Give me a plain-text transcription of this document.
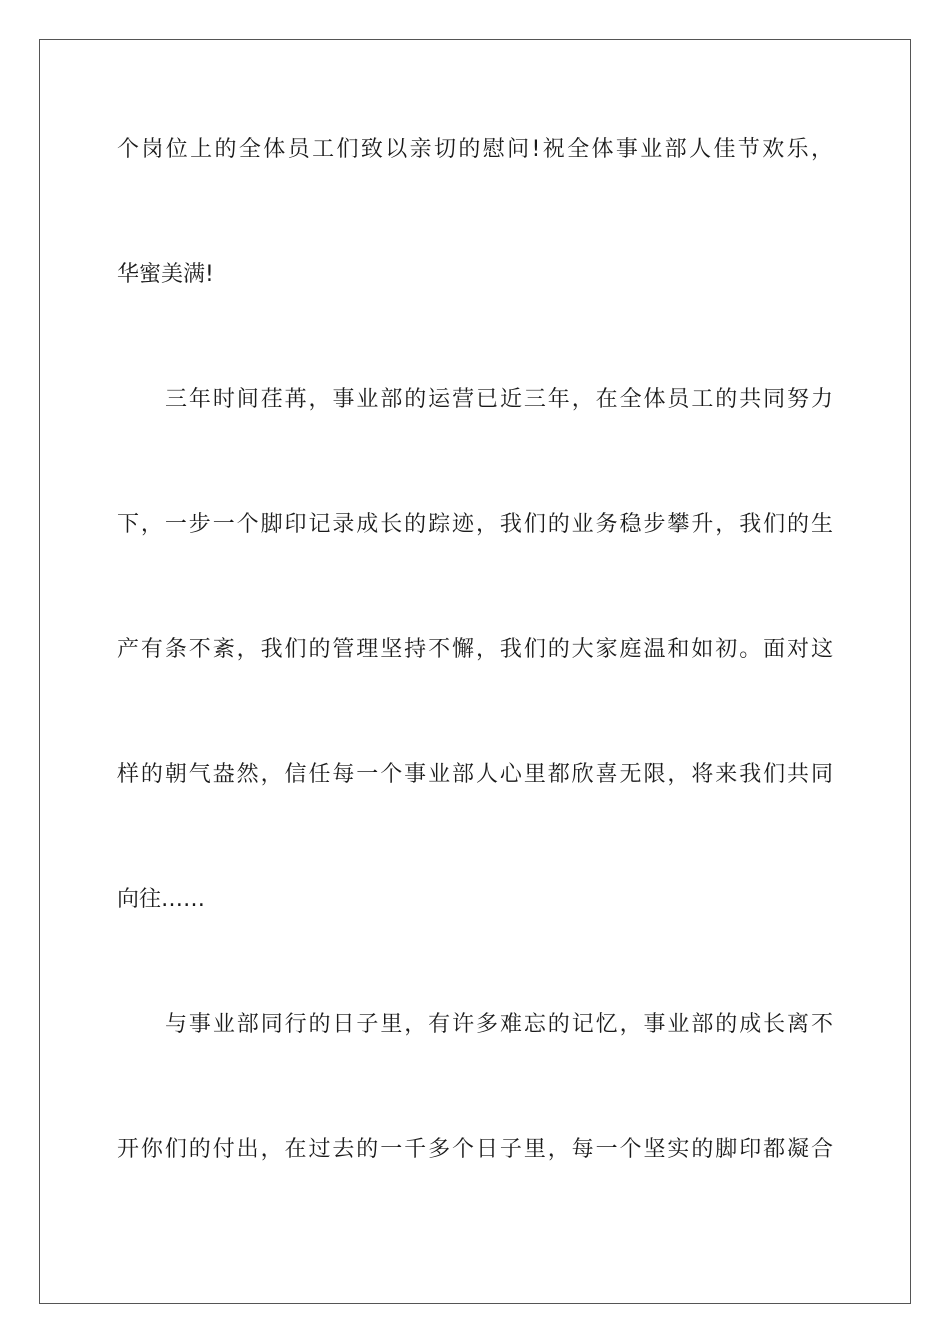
个岗位上的全体员工们致以亲切的慰问!祝全体事业部人佳节欢乐，
华蜜美满!
三年时间荏苒，事业部的运营已近三年，在全体员工的共同努力
下，一步一个脚印记录成长的踪迹，我们的业务稳步攀升，我们的生
产有条不紊，我们的管理坚持不懈，我们的大家庭温和如初。面对这
样的朝气盎然，信任每一个事业部人心里都欣喜无限，将来我们共同
向往……
与事业部同行的日子里，有许多难忘的记忆，事业部的成长离不
开你们的付出，在过去的一千多个日子里，每一个坚实的脚印都凝合
